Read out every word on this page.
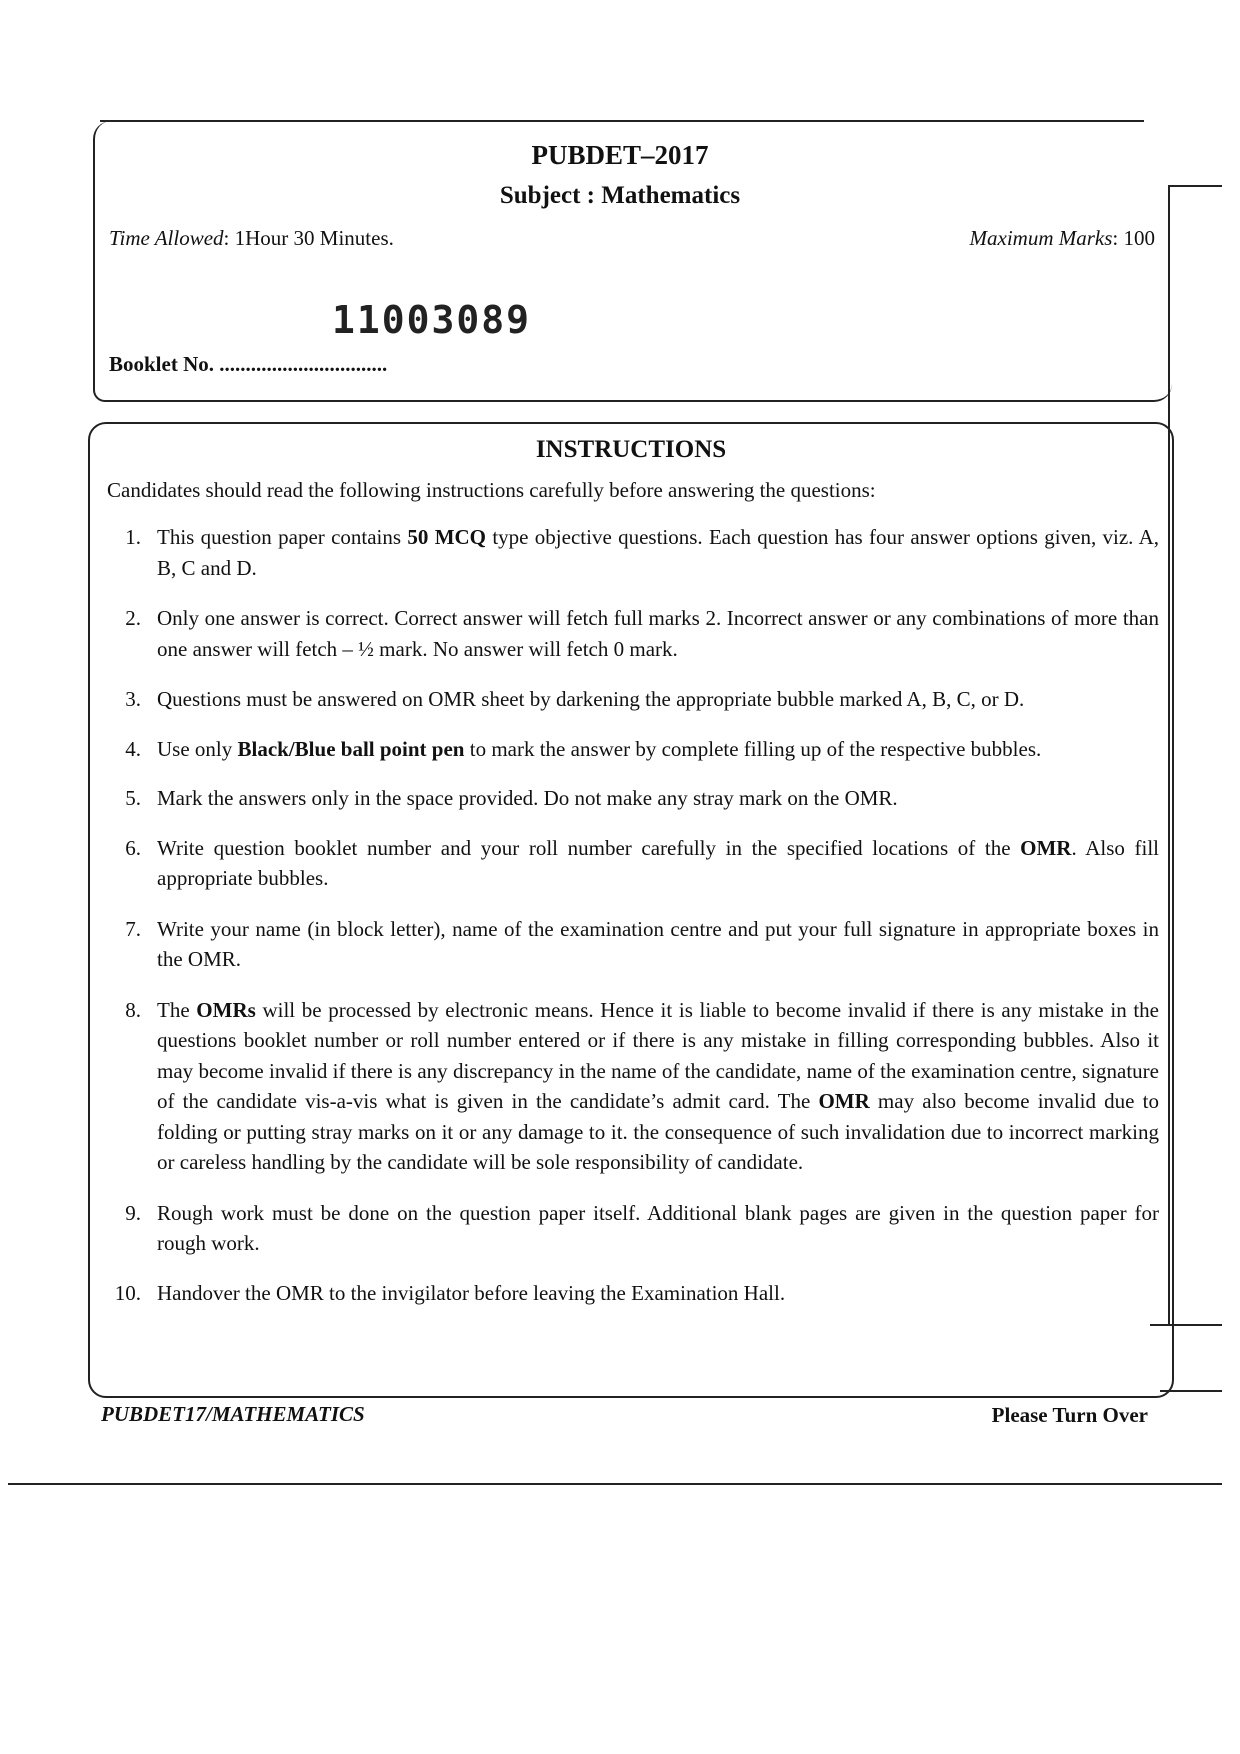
PUBDET–2017
Subject : Mathematics
Time Allowed: 1Hour 30 Minutes.	Maximum Marks: 100
11003089
Booklet No. ................................
INSTRUCTIONS
Candidates should read the following instructions carefully before answering the questions:
1. This question paper contains 50 MCQ type objective questions. Each question has four answer options given, viz. A, B, C and D.
2. Only one answer is correct. Correct answer will fetch full marks 2. Incorrect answer or any combinations of more than one answer will fetch – ½ mark. No answer will fetch 0 mark.
3. Questions must be answered on OMR sheet by darkening the appropriate bubble marked A, B, C, or D.
4. Use only Black/Blue ball point pen to mark the answer by complete filling up of the respective bubbles.
5. Mark the answers only in the space provided. Do not make any stray mark on the OMR.
6. Write question booklet number and your roll number carefully in the specified locations of the OMR. Also fill appropriate bubbles.
7. Write your name (in block letter), name of the examination centre and put your full signature in appropriate boxes in the OMR.
8. The OMRs will be processed by electronic means. Hence it is liable to become invalid if there is any mistake in the questions booklet number or roll number entered or if there is any mistake in filling corresponding bubbles. Also it may become invalid if there is any discrepancy in the name of the candidate, name of the examination centre, signature of the candidate vis-a-vis what is given in the candidate’s admit card. The OMR may also become invalid due to folding or putting stray marks on it or any damage to it. the consequence of such invalidation due to incorrect marking or careless handling by the candidate will be sole responsibility of candidate.
9. Rough work must be done on the question paper itself. Additional blank pages are given in the question paper for rough work.
10. Handover the OMR to the invigilator before leaving the Examination Hall.
PUBDET17/MATHEMATICS	Please Turn Over
